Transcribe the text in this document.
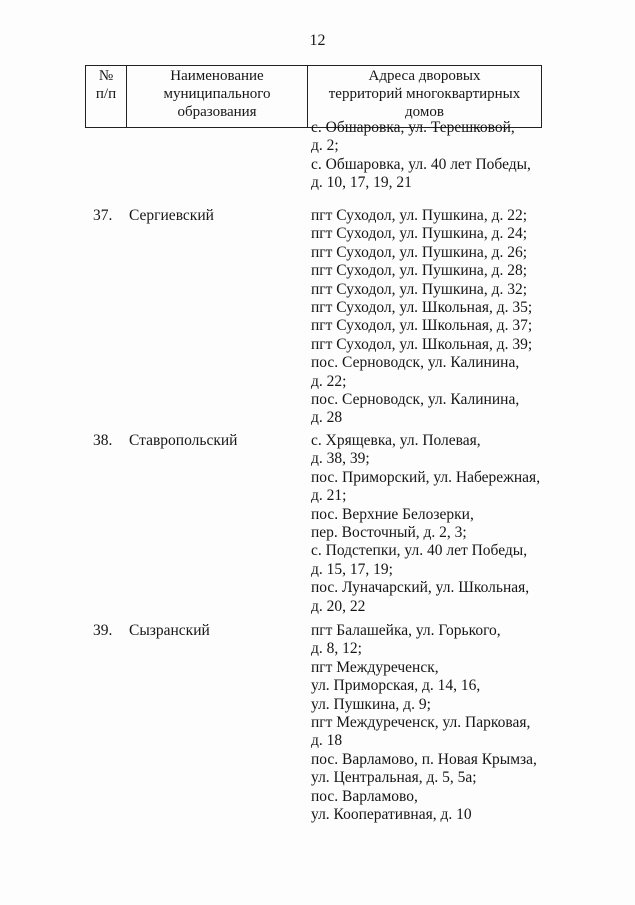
12
№
п/п

Наименование
муниципального
образования

Адреса дворовых
территорий многоквартирных
домов
с. Обшаровка, ул. Терешковой,
д. 2;
с. Обшаровка, ул. 40 лет Победы,
д. 10, 17, 19, 21
37. Сергиевский	пгт Суходол, ул. Пушкина, д. 22;
пгт Суходол, ул. Пушкина, д. 24;
пгт Суходол, ул. Пушкина, д. 26;
пгт Суходол, ул. Пушкина, д. 28;
пгт Суходол, ул. Пушкина, д. 32;
пгт Суходол, ул. Школьная, д. 35;
пгт Суходол, ул. Школьная, д. 37;
пгт Суходол, ул. Школьная, д. 39;
пос. Серноводск, ул. Калинина,
д. 22;
пос. Серноводск, ул. Калинина,
д. 28
38. Ставропольский	с. Хрящевка, ул. Полевая,
д. 38, 39;
пос. Приморский, ул. Набережная,
д. 21;
пос. Верхние Белозерки,
пер. Восточный, д. 2, 3;
с. Подстепки, ул. 40 лет Победы,
д. 15, 17, 19;
пос. Луначарский, ул. Школьная,
д. 20, 22
39. Сызранский	пгт Балашейка, ул. Горького,
д. 8, 12;
пгт Междуреченск,
ул. Приморская, д. 14, 16,
ул. Пушкина, д. 9;
пгт Междуреченск, ул. Парковая,
д. 18
пос. Варламово, п. Новая Крымза,
ул. Центральная, д. 5, 5а;
пос. Варламово,
ул. Кооперативная, д. 10
